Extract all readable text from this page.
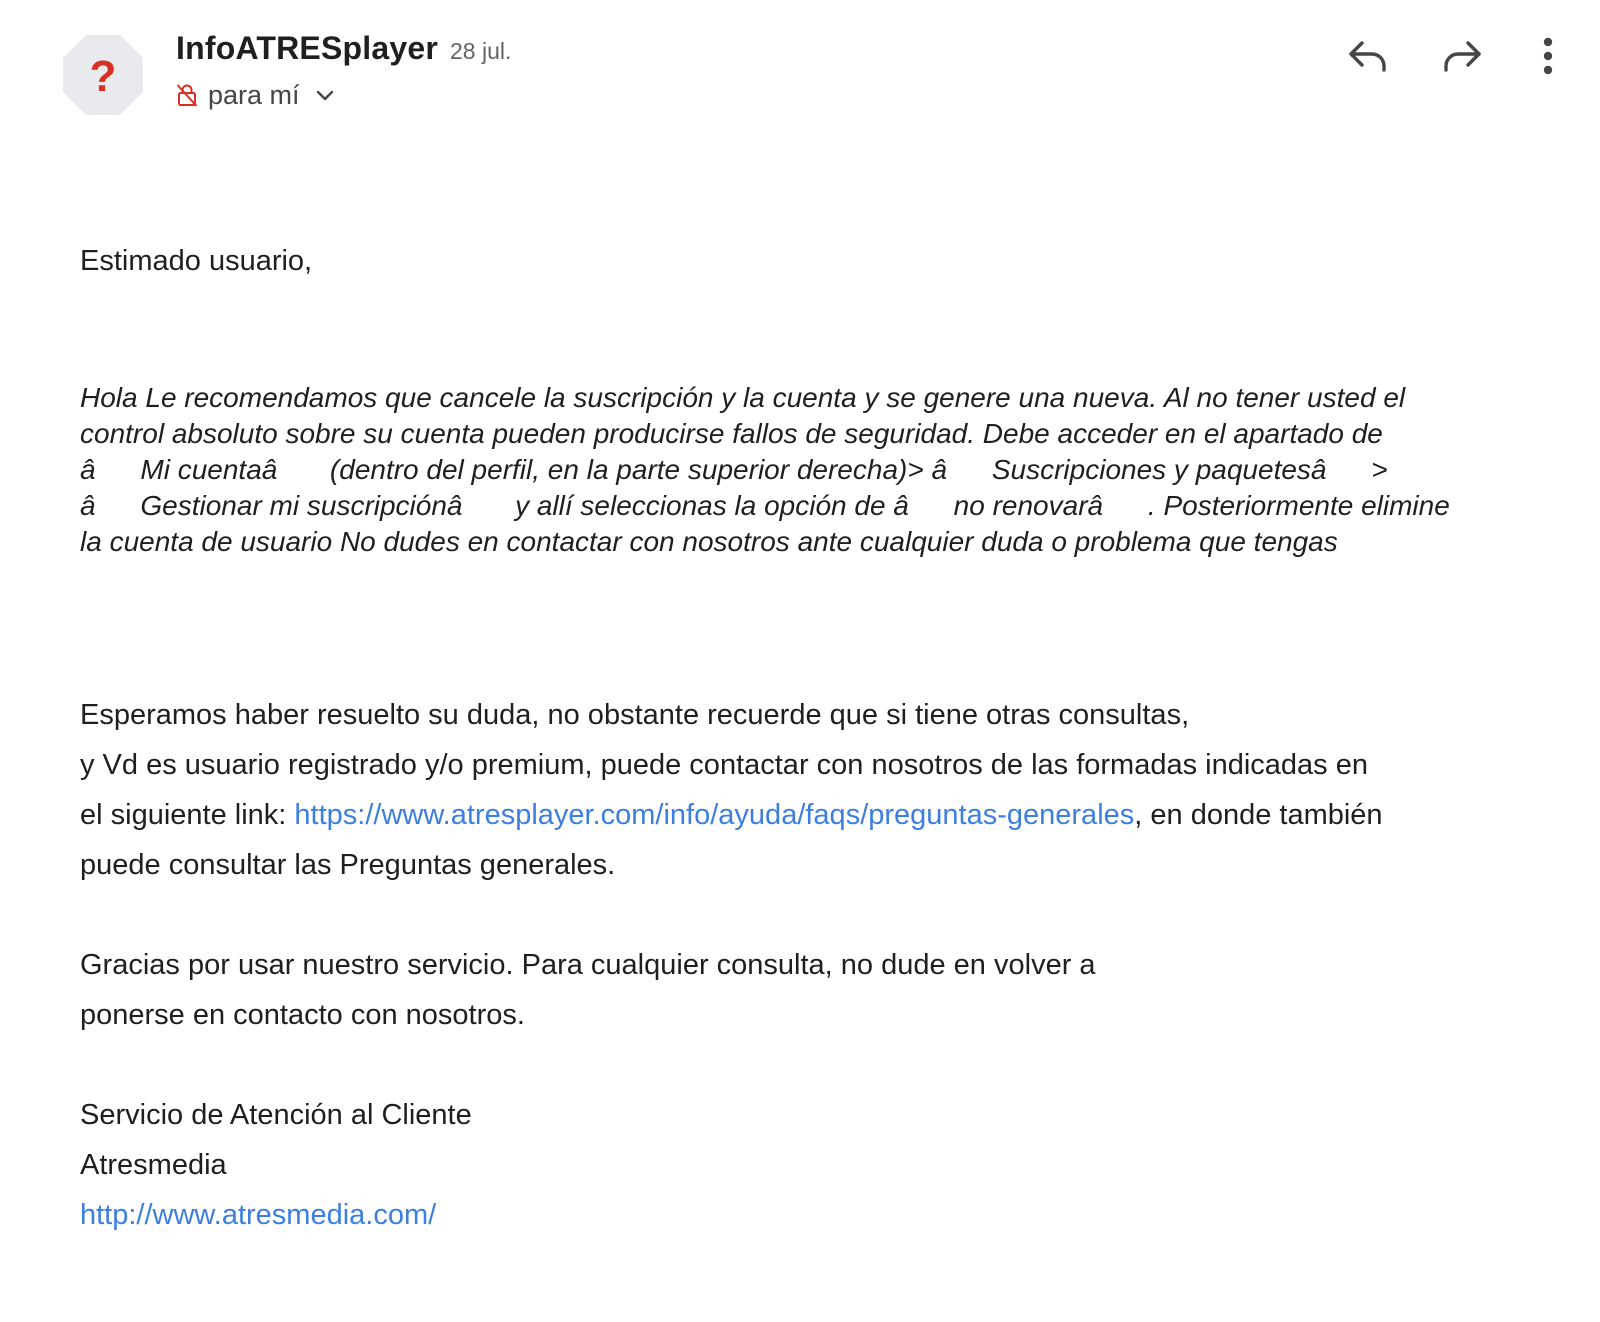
?
InfoATRESplayer 28 jul.
para mí
Estimado usuario,
Hola Le recomendamos que cancele la suscripción y la cuenta y se genere una nueva. Al no tener usted el
control absoluto sobre su cuenta pueden producirse fallos de seguridad. Debe acceder en el apartado de
âMi cuentaâ (dentro del perfil, en la parte superior derecha)> âSuscripciones y paquetesâ>
âGestionar mi suscripciónâ y allí seleccionas la opción de âno renovarâ. Posteriormente elimine
la cuenta de usuario No dudes en contactar con nosotros ante cualquier duda o problema que tengas
Esperamos haber resuelto su duda, no obstante recuerde que si tiene otras consultas,
y Vd es usuario registrado y/o premium, puede contactar con nosotros de las formadas indicadas en
el siguiente link: https://www.atresplayer.com/info/ayuda/faqs/preguntas-generales, en donde también
puede consultar las Preguntas generales.
Gracias por usar nuestro servicio. Para cualquier consulta, no dude en volver a
ponerse en contacto con nosotros.
Servicio de Atención al Cliente
Atresmedia
http://www.atresmedia.com/
